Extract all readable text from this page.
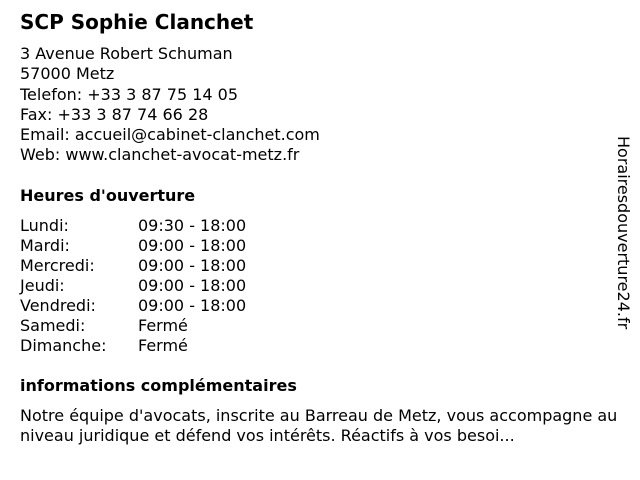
SCP Sophie Clanchet
3 Avenue Robert Schuman
57000 Metz
Telefon: +33 3 87 75 14 05
Fax: +33 3 87 74 66 28
Email: accueil@cabinet-clanchet.com
Web: www.clanchet-avocat-metz.fr
Heures d'ouverture
Lundi:	09:30 - 18:00
Mardi:	09:00 - 18:00
Mercredi:	09:00 - 18:00
Jeudi:	09:00 - 18:00
Vendredi:	09:00 - 18:00
Samedi:	Fermé
Dimanche:	Fermé
informations complémentaires
Notre équipe d'avocats, inscrite au Barreau de Metz, vous accompagne au niveau juridique et défend vos intérêts. Réactifs à vos besoi...
Horairesdouverture24.fr
